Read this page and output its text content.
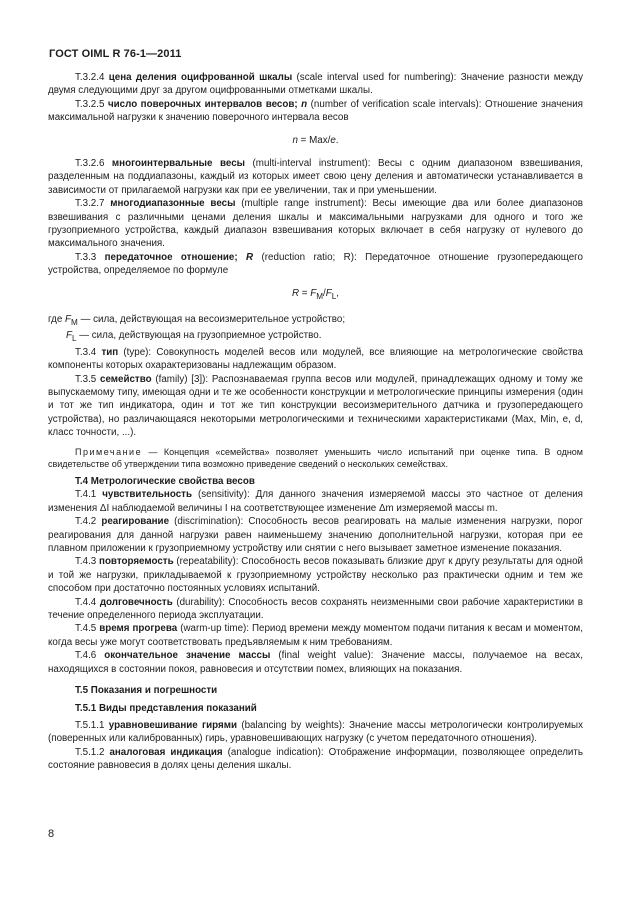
ГОСТ OIML R 76-1—2011

Т.3.2.4 цена деления оцифрованной шкалы (scale interval used for numbering): Значение разности между двумя следующими друг за другом оцифрованными отметками шкалы.

Т.3.2.5 число поверочных интервалов весов; n (number of verification scale intervals): Отношение значения максимальной нагрузки к значению поверочного интервала весов

n = Max/e.

Т.3.2.6 многоинтервальные весы (multi-interval instrument): Весы с одним диапазоном взвешивания, разделенным на поддиапазоны, каждый из которых имеет свою цену деления и автоматически устанавливается в зависимости от прилагаемой нагрузки как при ее увеличении, так и при уменьшении.

Т.3.2.7 многодиапазонные весы (multiple range instrument): Весы имеющие два или более диапазонов взвешивания с различными ценами деления шкалы и максимальными нагрузками для одного и того же грузоприемного устройства, каждый диапазон взвешивания которых включает в себя нагрузку от нулевого до максимального значения.

Т.3.3 передаточное отношение; R (reduction ratio; R): Передаточное отношение грузопередающего устройства, определяемое по формуле

$R = F_M/F_L$,

где $F_M$ — сила, действующая на весоизмерительное устройство;

$F_L$ — сила, действующая на грузоприемное устройство.

Т.3.4 тип (type): Совокупность моделей весов или модулей, все влияющие на метрологические свойства компоненты которых охарактеризованы надлежащим образом.

Т.3.5 семейство (family) [3]): Распознаваемая группа весов или модулей, принадлежащих одному и тому же выпускаемому типу, имеющая одни и те же особенности конструкции и метрологические принципы измерения (один и тот же тип индикатора, один и тот же тип конструкции весоизмерительного датчика и грузопередающего устройства), но различающаяся некоторыми метрологическими и техническими характеристиками (Max, Min, e, d, класс точности, ...).

Примечание — Концепция «семейства» позволяет уменьшить число испытаний при оценке типа. В одном свидетельстве об утверждении типа возможно приведение сведений о нескольких семействах.

Т.4 Метрологические свойства весов

Т.4.1 чувствительность (sensitivity): Для данного значения измеряемой массы это частное от деления изменения ΔI наблюдаемой величины I на соответствующее изменение Δm измеряемой массы m.

Т.4.2 реагирование (discrimination): Способность весов реагировать на малые изменения нагрузки, порог реагирования для данной нагрузки равен наименьшему значению дополнительной нагрузки, которая при ее плавном приложении к грузоприемному устройству или снятии с него вызывает заметное изменение показания.

Т.4.3 повторяемость (repeatability): Способность весов показывать близкие друг к другу результаты для одной и той же нагрузки, прикладываемой к грузоприемному устройству несколько раз практически одним и тем же способом при достаточно постоянных условиях испытаний.

Т.4.4 долговечность (durability): Способность весов сохранять неизменными свои рабочие характеристики в течение определенного периода эксплуатации.

Т.4.5 время прогрева (warm-up time): Период времени между моментом подачи питания к весам и моментом, когда весы уже могут соответствовать предъявляемым к ним требованиям.

Т.4.6 окончательное значение массы (final weight value): Значение массы, получаемое на весах, находящихся в состоянии покоя, равновесия и отсутствии помех, влияющих на показания.

Т.5 Показания и погрешности

Т.5.1 Виды представления показаний

Т.5.1.1 уравновешивание гирями (balancing by weights): Значение массы метрологически контролируемых (поверенных или калиброванных) гирь, уравновешивающих нагрузку (с учетом передаточного отношения).

Т.5.1.2 аналоговая индикация (analogue indication): Отображение информации, позволяющее определить состояние равновесия в долях цены деления шкалы.

8
